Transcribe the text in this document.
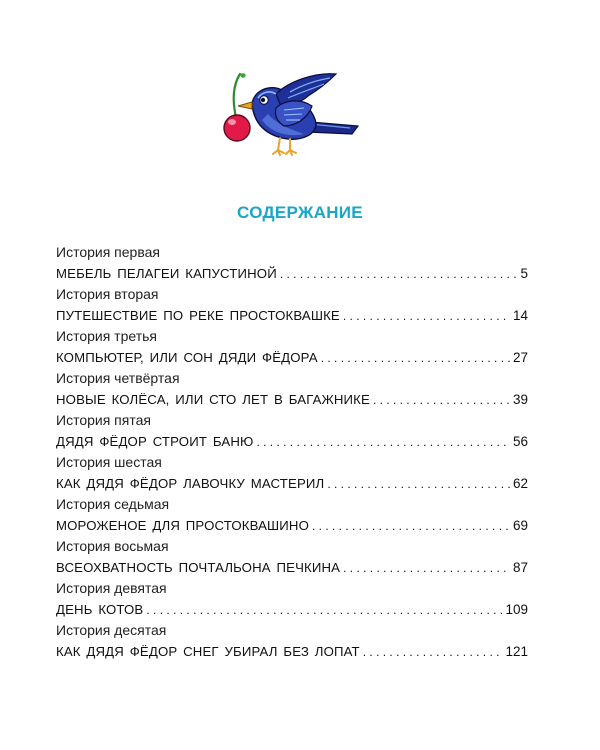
СОДЕРЖАНИЕ
История первая
МЕБЕЛЬ ПЕЛАГЕИ КАПУСТИНОЙ . . .	5
История вторая
ПУТЕШЕСТВИЕ ПО РЕКЕ ПРОСТОКВАШКЕ . . .	14
История третья
КОМПЬЮТЕР, ИЛИ СОН ДЯДИ ФЁДОРА . . .	27
История четвёртая
НОВЫЕ КОЛЁСА, ИЛИ СТО ЛЕТ В БАГАЖНИКЕ . . .	39
История пятая
ДЯДЯ ФЁДОР СТРОИТ БАНЮ . . .	56
История шестая
КАК ДЯДЯ ФЁДОР ЛАВОЧКУ МАСТЕРИЛ . . .	62
История седьмая
МОРОЖЕНОЕ ДЛЯ ПРОСТОКВАШИНО . . .	69
История восьмая
ВСЕОХВАТНОСТЬ ПОЧТАЛЬОНА ПЕЧКИНА . . .	87
История девятая
ДЕНЬ КОТОВ . . .	109
История десятая
КАК ДЯДЯ ФЁДОР СНЕГ УБИРАЛ БЕЗ ЛОПАТ . . .	121
